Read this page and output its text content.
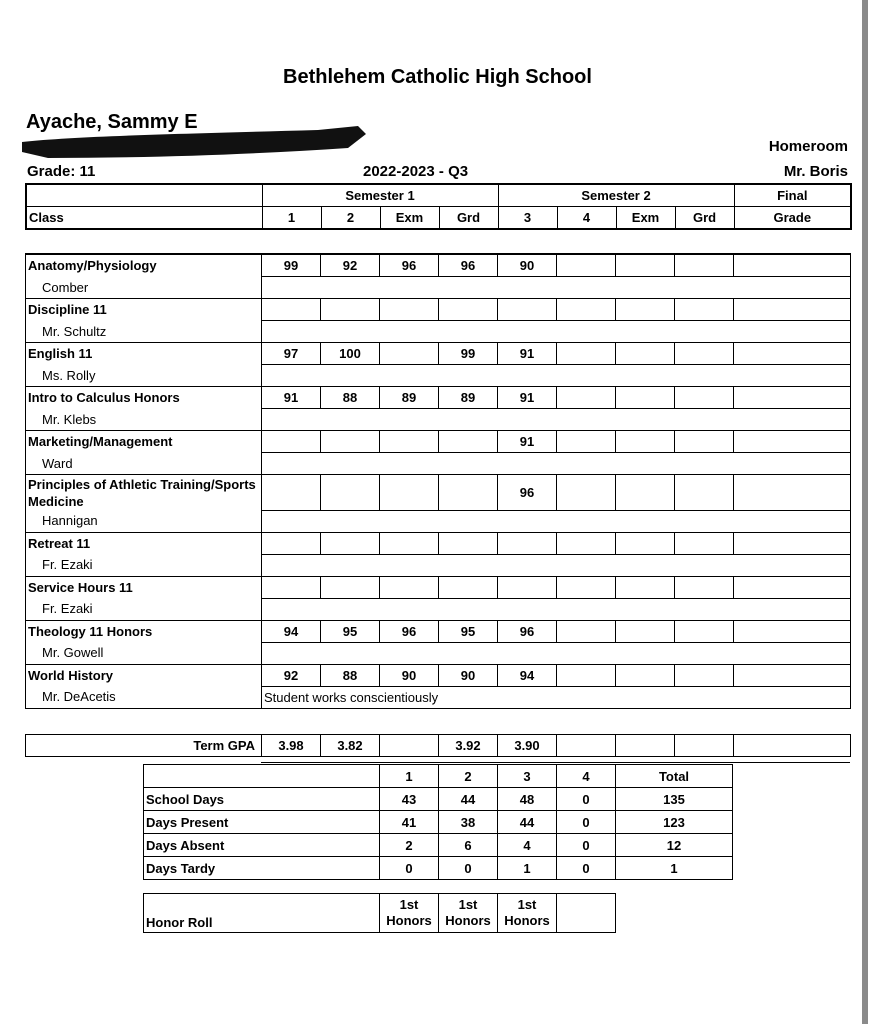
Bethlehem Catholic High School
Ayache, Sammy E
Homeroom
Grade: 11	2022-2023 - Q3	Mr. Boris
	Semester 1				Semester 2				Final
Class	1	2	Exm	Grd	3	4	Exm	Grd	Grade
Anatomy/Physiology	99	92	96	96	90				
Comber									
Discipline 11									
Mr. Schultz									
English 11	97	100		99	91				
Ms. Rolly									
Intro to Calculus Honors	91	88	89	89	91				
Mr. Klebs									
Marketing/Management					91				
Ward									
Principles of Athletic Training/Sports Medicine					96				
Hannigan									
Retreat 11									
Fr. Ezaki									
Service Hours 11									
Fr. Ezaki									
Theology 11 Honors	94	95	96	95	96				
Mr. Gowell									
World History	92	88	90	90	94				
Mr. DeAcetis	Student works conscientiously								
Term GPA	3.98	3.82		3.92	3.90				
	1	2	3	4	Total
School Days	43	44	48	0	135
Days Present	41	38	44	0	123
Days Absent	2	6	4	0	12
Days Tardy	0	0	1	0	1
Honor Roll	1st Honors	1st Honors	1st Honors	
